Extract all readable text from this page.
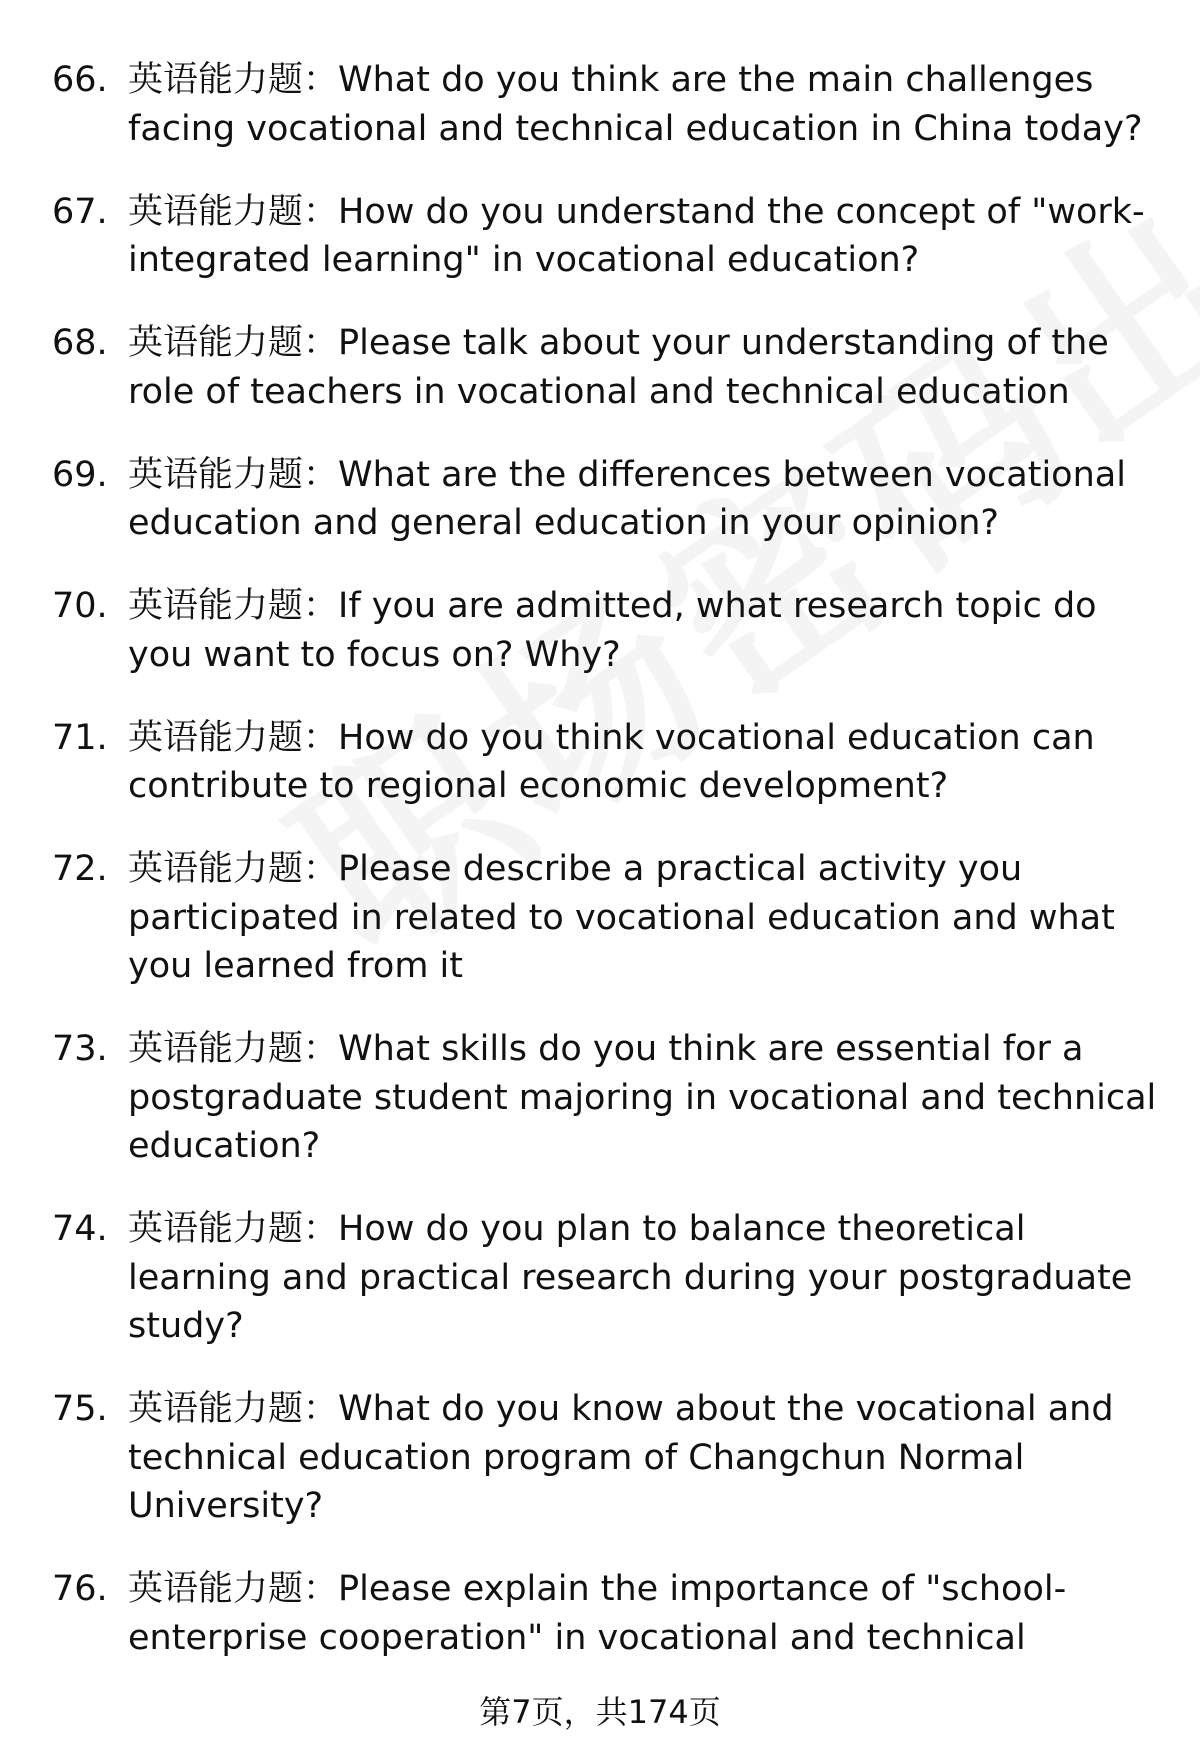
66. 英语能力题：What do you think are the main challenges facing vocational and technical education in China today?
67. 英语能力题：How do you understand the concept of "work-integrated learning" in vocational education?
68. 英语能力题：Please talk about your understanding of the role of teachers in vocational and technical education
69. 英语能力题：What are the differences between vocational education and general education in your opinion?
70. 英语能力题：If you are admitted, what research topic do you want to focus on? Why?
71. 英语能力题：How do you think vocational education can contribute to regional economic development?
72. 英语能力题：Please describe a practical activity you participated in related to vocational education and what you learned from it
73. 英语能力题：What skills do you think are essential for a postgraduate student majoring in vocational and technical education?
74. 英语能力题：How do you plan to balance theoretical learning and practical research during your postgraduate study?
75. 英语能力题：What do you know about the vocational and technical education program of Changchun Normal University?
76. 英语能力题：Please explain the importance of "school-enterprise cooperation" in vocational and technical
第7页，共174页
